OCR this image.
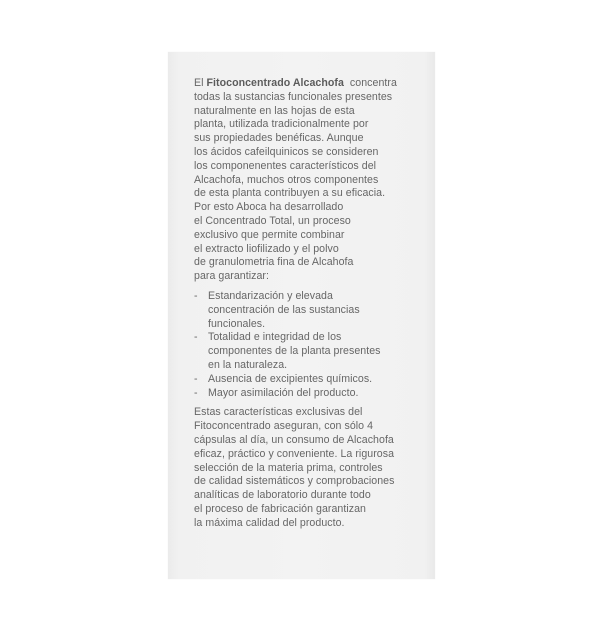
El Fitoconcentrado Alcachofa  concentra
todas la sustancias funcionales presentes
naturalmente en las hojas de esta
planta, utilizada tradicionalmente por
sus propiedades benéficas. Aunque
los ácidos cafeilquinicos se consideren
los componenentes característicos del
Alcachofa, muchos otros componentes
de esta planta contribuyen a su eficacia.
Por esto Aboca ha desarrollado
el Concentrado Total, un proceso
exclusivo que permite combinar
el extracto liofilizado y el polvo
de granulometria fina de Alcahofa
para garantizar:
- Estandarización y elevada
concentración de las sustancias
funcionales.
- Totalidad e integridad de los
componentes de la planta presentes
en la naturaleza.
- Ausencia de excipientes químicos.
- Mayor asimilación del producto.
Estas características exclusivas del
Fitoconcentrado aseguran, con sólo 4
cápsulas al día, un consumo de Alcachofa
eficaz, práctico y conveniente. La rigurosa
selección de la materia prima, controles
de calidad sistemáticos y comprobaciones
analíticas de laboratorio durante todo
el proceso de fabricación garantizan
la máxima calidad del producto.
